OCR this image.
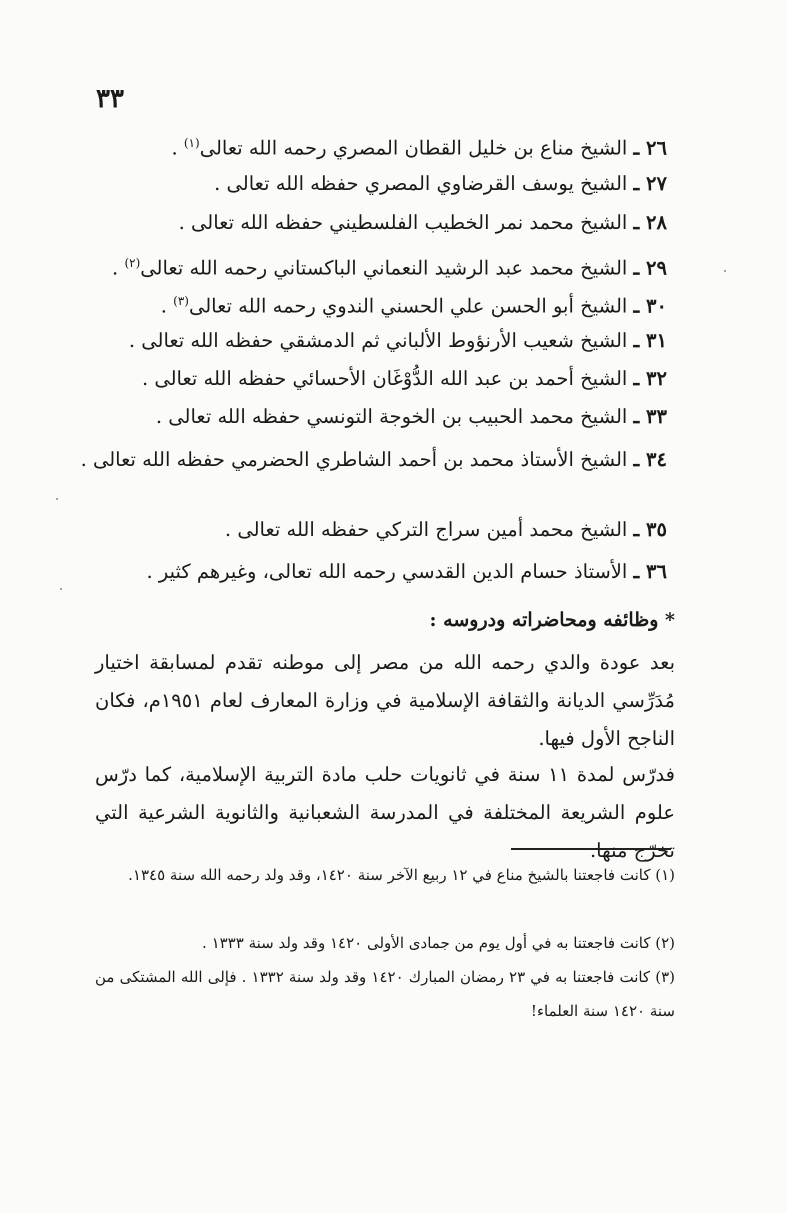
٣٣
٢٦ ـ الشيخ مناع بن خليل القطان المصري رحمه الله تعالى$^{(١)}$ .
٢٧ ـ الشيخ يوسف القرضاوي المصري حفظه الله تعالى .
٢٨ ـ الشيخ محمد نمر الخطيب الفلسطيني حفظه الله تعالى .
٢٩ ـ الشيخ محمد عبد الرشيد النعماني الباكستاني رحمه الله تعالى$^{(٢)}$ .
٣٠ ـ الشيخ أبو الحسن علي الحسني الندوي رحمه الله تعالى$^{(٣)}$ .
٣١ ـ الشيخ شعيب الأرنؤوط الألباني ثم الدمشقي حفظه الله تعالى .
٣٢ ـ الشيخ أحمد بن عبد الله الدُّوْغَان الأحسائي حفظه الله تعالى .
٣٣ ـ الشيخ محمد الحبيب بن الخوجة التونسي حفظه الله تعالى .
٣٤ ـ الشيخ الأستاذ محمد بن أحمد الشاطري الحضرمي حفظه الله تعالى .
٣٥ ـ الشيخ محمد أمين سراج التركي حفظه الله تعالى .
٣٦ ـ الأستاذ حسام الدين القدسي رحمه الله تعالى، وغيرهم كثير .
* وظائفه ومحاضراته ودروسه :
بعد عودة والدي رحمه الله من مصر إلى موطنه تقدم لمسابقة اختيار مُدَرِّسي الديانة والثقافة الإسلامية في وزارة المعارف لعام ١٩٥١م، فكان الناجح الأول فيها.
فدرّس لمدة ١١ سنة في ثانويات حلب مادة التربية الإسلامية، كما درّس علوم الشريعة المختلفة في المدرسة الشعبانية والثانوية الشرعية التي تخرّج منها.
(١) كانت فاجعتنا بالشيخ مناع في ١٢ ربيع الآخر سنة ١٤٢٠، وقد ولد رحمه الله سنة ١٣٤٥.
(٢) كانت فاجعتنا به في أول يوم من جمادى الأولى ١٤٢٠ وقد ولد سنة ١٣٣٣ .
(٣) كانت فاجعتنا به في ٢٣ رمضان المبارك ١٤٢٠ وقد ولد سنة ١٣٣٢ . فإلى الله المشتكى من سنة ١٤٢٠ سنة العلماء!
